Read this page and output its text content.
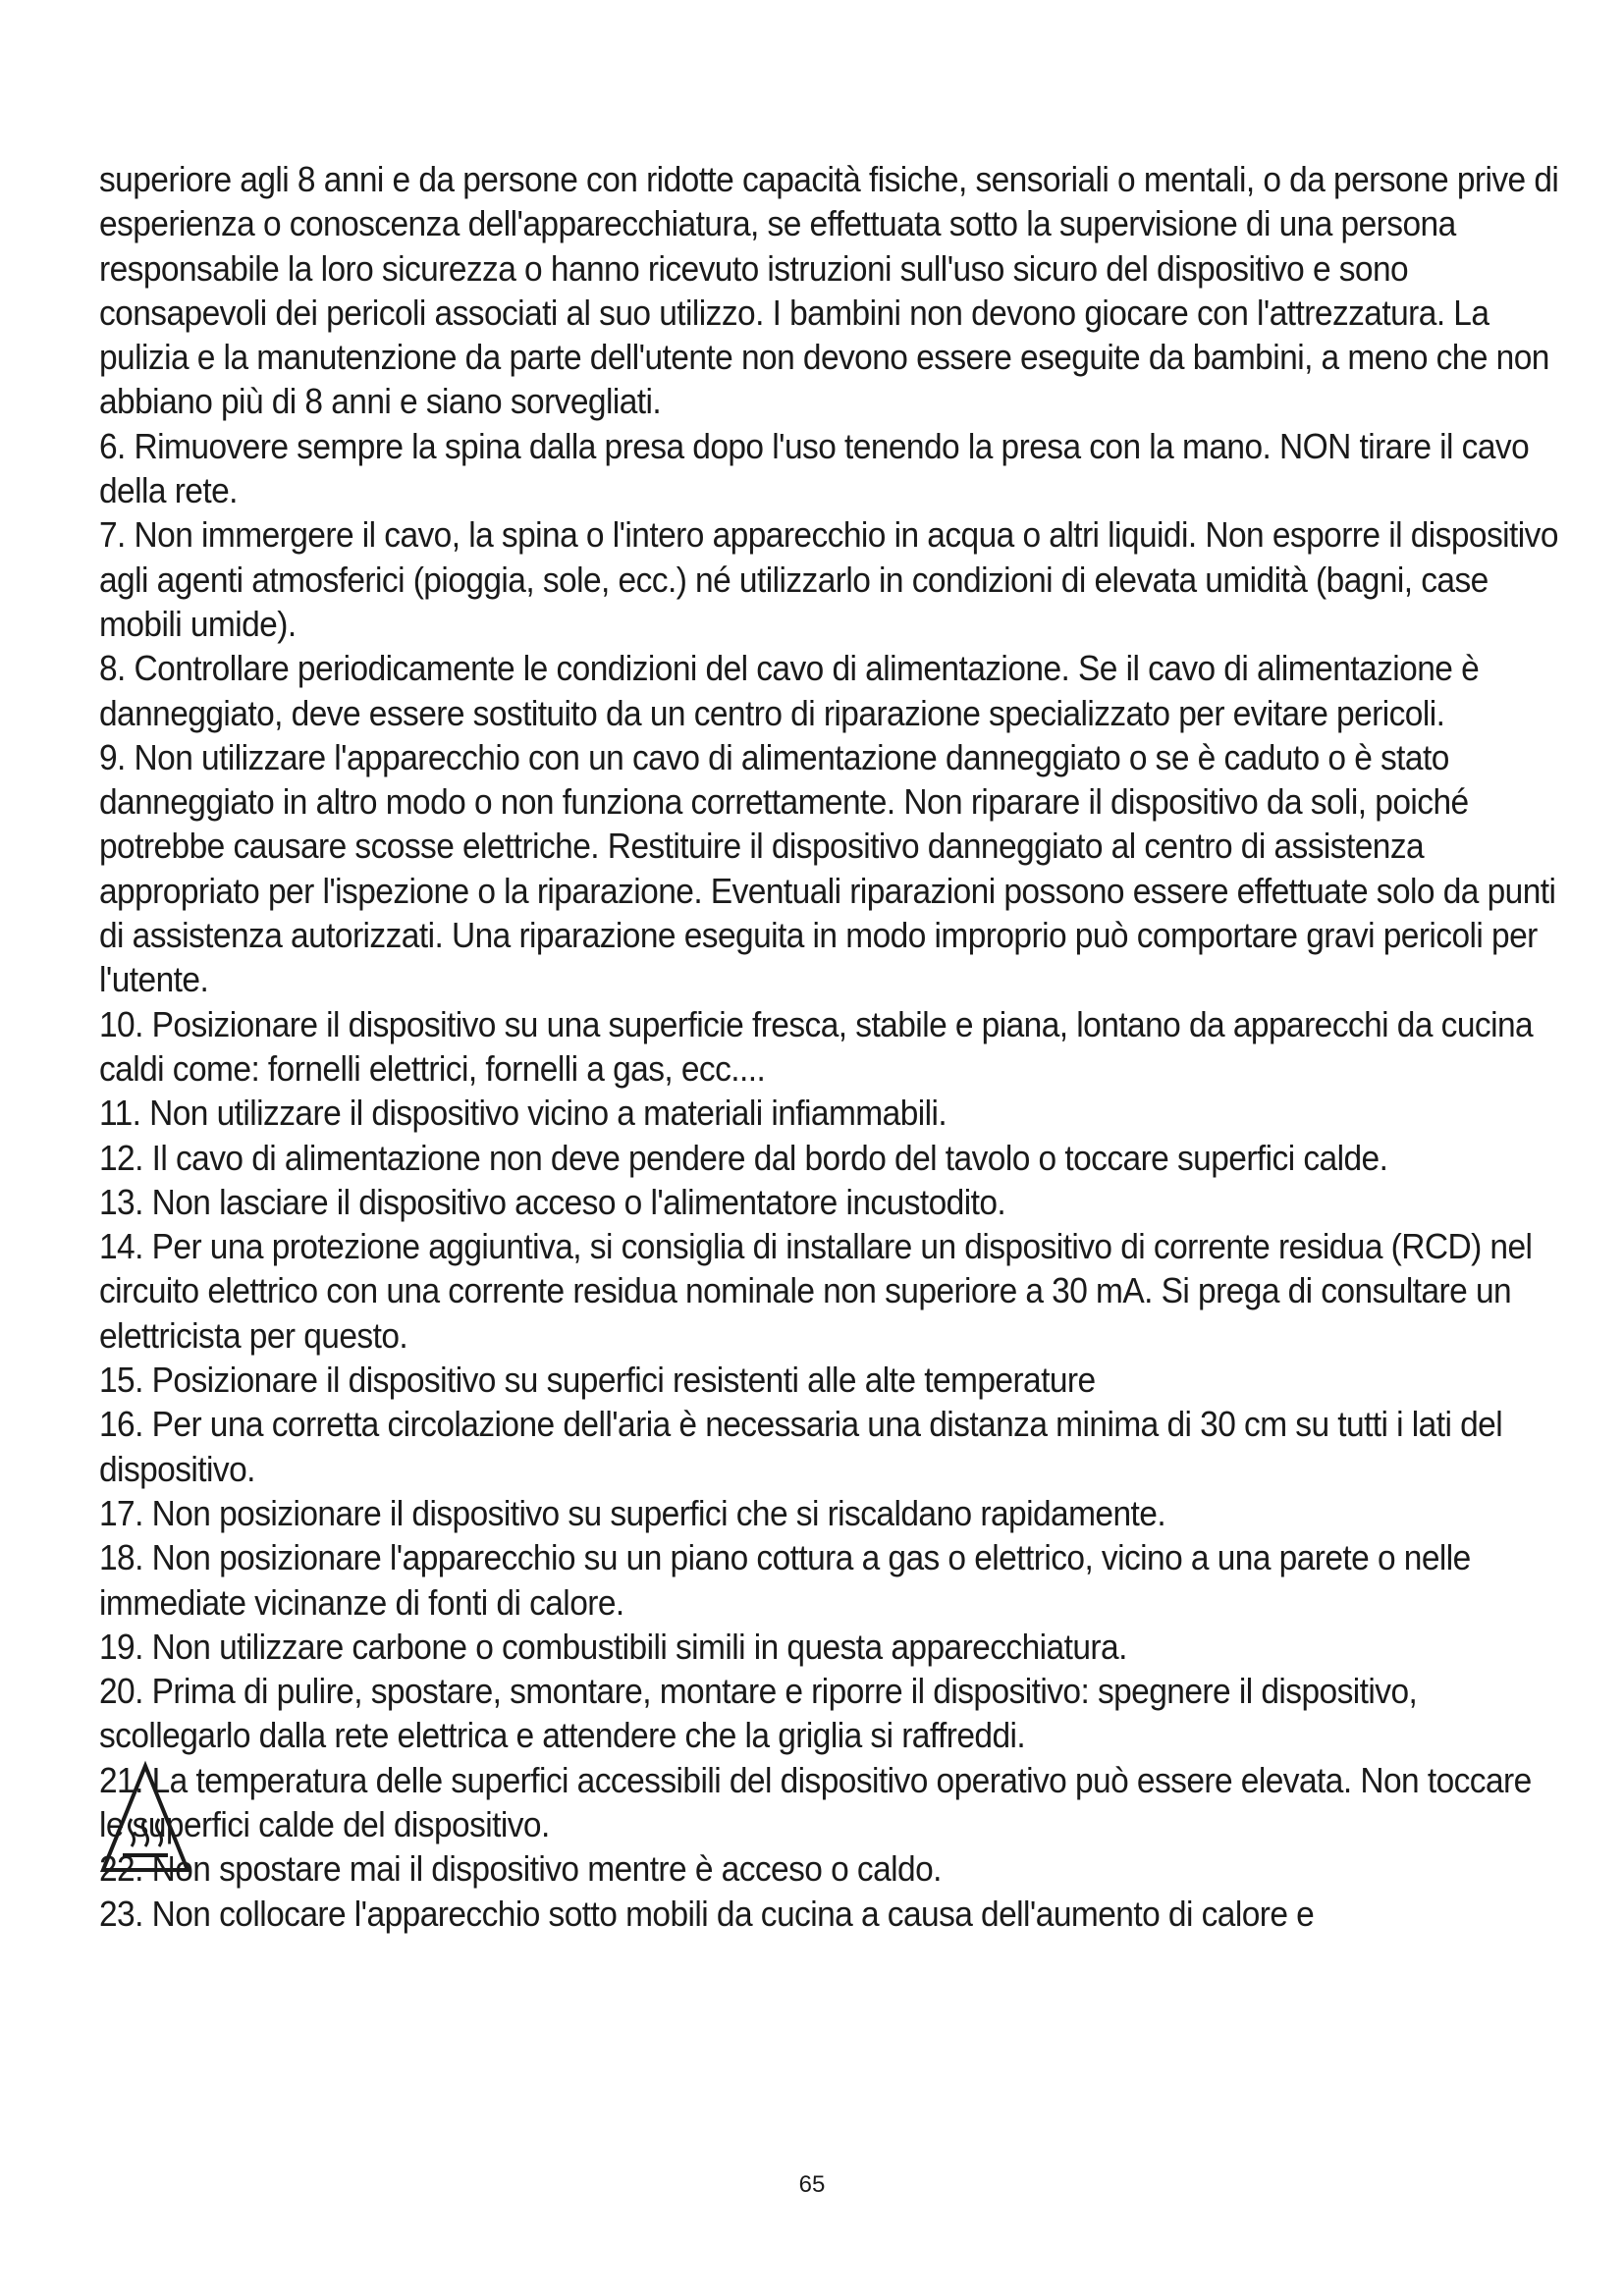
superiore agli 8 anni e da persone con ridotte capacità fisiche, sensoriali o mentali, o da persone prive di esperienza o conoscenza dell'apparecchiatura, se effettuata sotto la supervisione di una persona responsabile la loro sicurezza o hanno ricevuto istruzioni sull'uso sicuro del dispositivo e sono consapevoli dei pericoli associati al suo utilizzo. I bambini non devono giocare con l'attrezzatura. La pulizia e la manutenzione da parte dell'utente non devono essere eseguite da bambini, a meno che non abbiano più di 8 anni e siano sorvegliati.

6. Rimuovere sempre la spina dalla presa dopo l'uso tenendo la presa con la mano. NON tirare il cavo della rete.

7. Non immergere il cavo, la spina o l'intero apparecchio in acqua o altri liquidi. Non esporre il dispositivo agli agenti atmosferici (pioggia, sole, ecc.) né utilizzarlo in condizioni di elevata umidità (bagni, case mobili umide).

8. Controllare periodicamente le condizioni del cavo di alimentazione. Se il cavo di alimentazione è danneggiato, deve essere sostituito da un centro di riparazione specializzato per evitare pericoli.

9. Non utilizzare l'apparecchio con un cavo di alimentazione danneggiato o se è caduto o è stato danneggiato in altro modo o non funziona correttamente. Non riparare il dispositivo da soli, poiché potrebbe causare scosse elettriche. Restituire il dispositivo danneggiato al centro di assistenza appropriato per l'ispezione o la riparazione. Eventuali riparazioni possono essere effettuate solo da punti di assistenza autorizzati. Una riparazione eseguita in modo improprio può comportare gravi pericoli per l'utente.

10. Posizionare il dispositivo su una superficie fresca, stabile e piana, lontano da apparecchi da cucina caldi come: fornelli elettrici, fornelli a gas, ecc....

11. Non utilizzare il dispositivo vicino a materiali infiammabili.

12. Il cavo di alimentazione non deve pendere dal bordo del tavolo o toccare superfici calde.

13. Non lasciare il dispositivo acceso o l'alimentatore incustodito.

14. Per una protezione aggiuntiva, si consiglia di installare un dispositivo di corrente residua (RCD) nel circuito elettrico con una corrente residua nominale non superiore a 30 mA. Si prega di consultare un elettricista per questo.

15. Posizionare il dispositivo su superfici resistenti alle alte temperature

16. Per una corretta circolazione dell'aria è necessaria una distanza minima di 30 cm su tutti i lati del dispositivo.

17. Non posizionare il dispositivo su superfici che si riscaldano rapidamente.

18. Non posizionare l'apparecchio su un piano cottura a gas o elettrico, vicino a una parete o nelle immediate vicinanze di fonti di calore.

19. Non utilizzare carbone o combustibili simili in questa apparecchiatura.

20. Prima di pulire, spostare, smontare, montare e riporre il dispositivo: spegnere il dispositivo, scollegarlo dalla rete elettrica e attendere che la griglia si raffreddi.

21. La temperatura delle superfici accessibili del dispositivo operativo può essere elevata. Non toccare le superfici calde del dispositivo.

22. Non spostare mai il dispositivo mentre è acceso o caldo.

23. Non collocare l'apparecchio sotto mobili da cucina a causa dell'aumento di calore e

65
